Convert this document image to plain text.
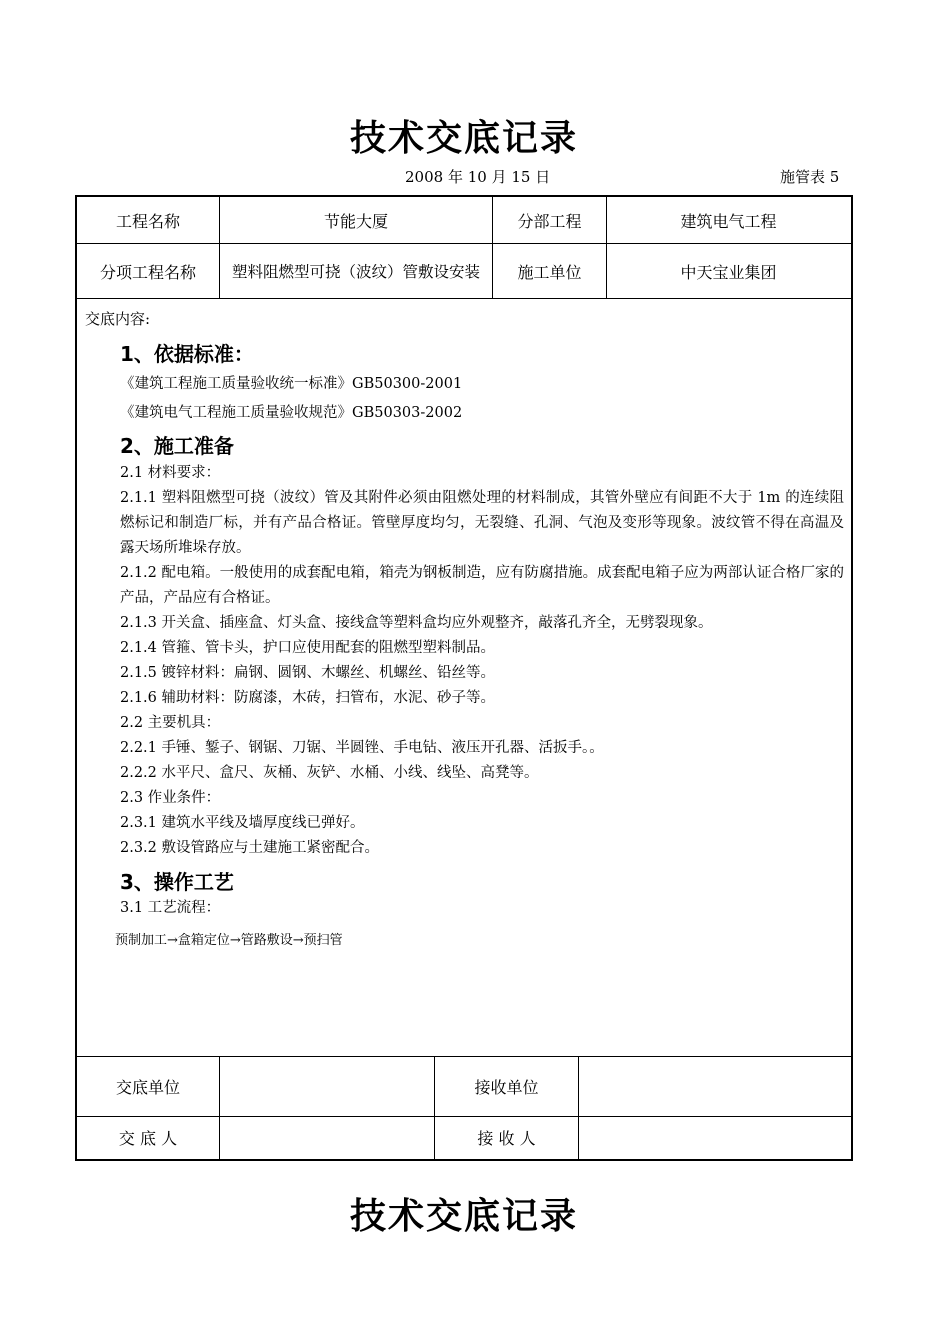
技术交底记录
2008 年 10 月 15 日	施管表 5
工程名称	节能大厦	分部工程	建筑电气工程
分项工程名称	塑料阻燃型可挠（波纹）管敷设安装	施工单位	中天宝业集团
交底内容:
1、依据标准：
《建筑工程施工质量验收统一标准》GB50300-2001
《建筑电气工程施工质量验收规范》GB50303-2002
2、施工准备
2.1 材料要求：
2.1.1 塑料阻燃型可挠（波纹）管及其附件必须由阻燃处理的材料制成，其管外壁应有间距不大于 1m 的连续阻燃标记和制造厂标，并有产品合格证。管壁厚度均匀，无裂缝、孔洞、气泡及变形等现象。波纹管不得在高温及露天场所堆垛存放。
2.1.2 配电箱。一般使用的成套配电箱，箱壳为钢板制造，应有防腐措施。成套配电箱子应为两部认证合格厂家的产品，产品应有合格证。
2.1.3 开关盒、插座盒、灯头盒、接线盒等塑料盒均应外观整齐，敲落孔齐全，无劈裂现象。
2.1.4 管箍、管卡头，护口应使用配套的阻燃型塑料制品。
2.1.5 镀锌材料：扁钢、圆钢、木螺丝、机螺丝、铅丝等。
2.1.6 辅助材料：防腐漆，木砖，扫管布，水泥、砂子等。
2.2 主要机具：
2.2.1 手锤、錾子、钢锯、刀锯、半圆锉、手电钻、液压开孔器、活扳手。。
2.2.2 水平尺、盒尺、灰桶、灰铲、水桶、小线、线坠、高凳等。
2.3 作业条件：
2.3.1 建筑水平线及墙厚度线已弹好。
2.3.2 敷设管路应与土建施工紧密配合。
3、操作工艺
3.1 工艺流程：
预制加工→盒箱定位→管路敷设→预扫管
交底单位	接收单位
交 底 人	接 收 人
技术交底记录
